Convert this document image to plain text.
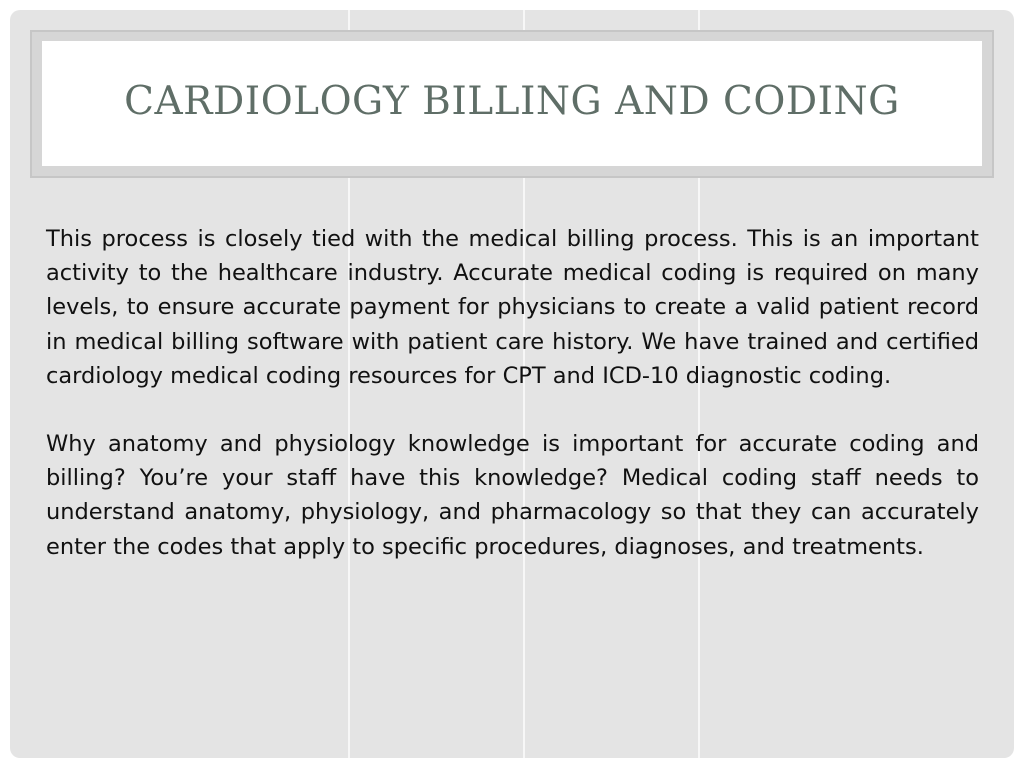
CARDIOLOGY BILLING AND CODING

This process is closely tied with the medical billing process. This is an important activity to the healthcare industry. Accurate medical coding is required on many levels, to ensure accurate payment for physicians to create a valid patient record in medical billing software with patient care history. We have trained and certified cardiology medical coding resources for CPT and ICD-10 diagnostic coding.

Why anatomy and physiology knowledge is important for accurate coding and billing? You’re your staff have this knowledge? Medical coding staff needs to understand anatomy, physiology, and pharmacology so that they can accurately enter the codes that apply to specific procedures, diagnoses, and treatments.
